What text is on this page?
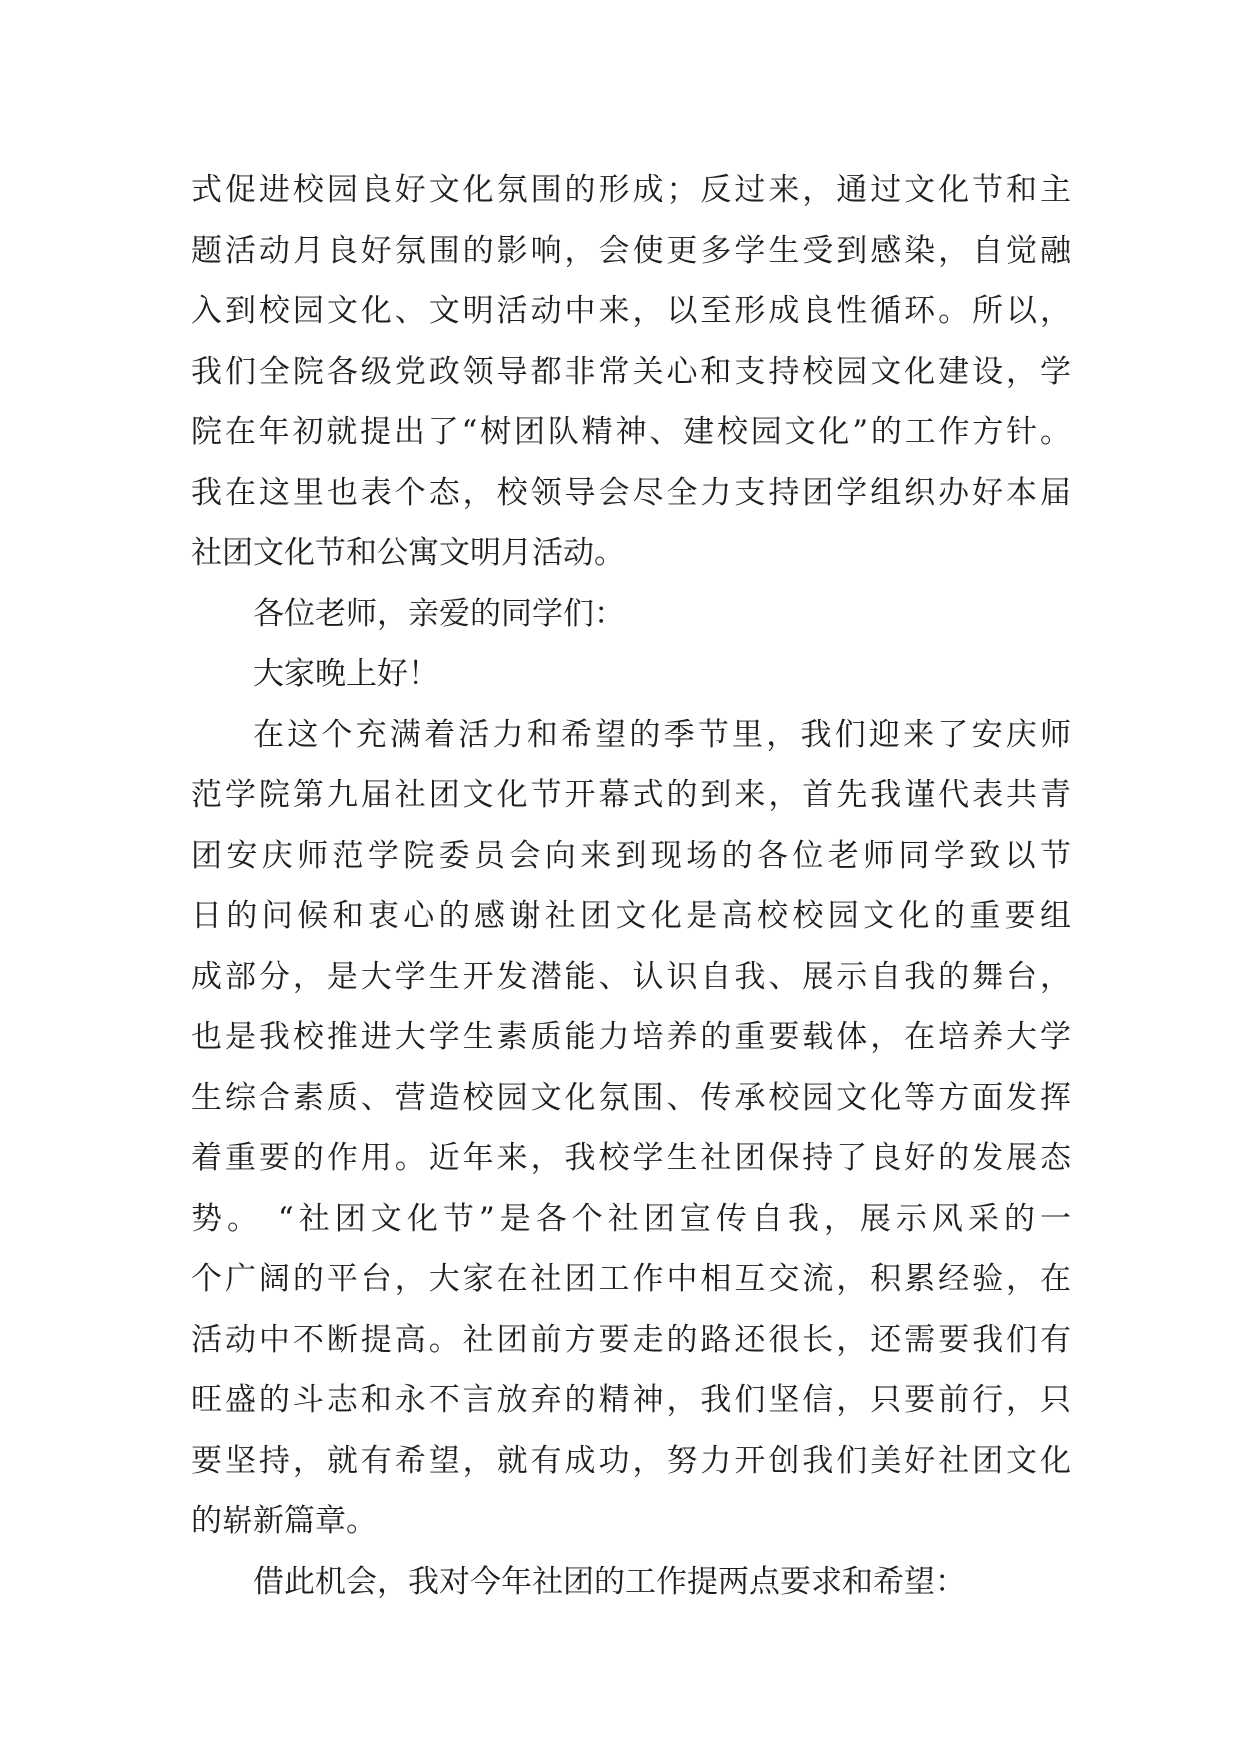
式促进校园良好文化氛围的形成；反过来，通过文化节和主
题活动月良好氛围的影响，会使更多学生受到感染，自觉融
入到校园文化、文明活动中来，以至形成良性循环。所以，
我们全院各级党政领导都非常关心和支持校园文化建设，学
院在年初就提出了“树团队精神、建校园文化”的工作方针。
我在这里也表个态，校领导会尽全力支持团学组织办好本届
社团文化节和公寓文明月活动。
各位老师，亲爱的同学们：
大家晚上好！
在这个充满着活力和希望的季节里，我们迎来了安庆师
范学院第九届社团文化节开幕式的到来，首先我谨代表共青
团安庆师范学院委员会向来到现场的各位老师同学致以节
日的问候和衷心的感谢社团文化是高校校园文化的重要组
成部分，是大学生开发潜能、认识自我、展示自我的舞台，
也是我校推进大学生素质能力培养的重要载体，在培养大学
生综合素质、营造校园文化氛围、传承校园文化等方面发挥
着重要的作用。近年来，我校学生社团保持了良好的发展态
势。 “社团文化节”是各个社团宣传自我，展示风采的一
个广阔的平台，大家在社团工作中相互交流，积累经验，在
活动中不断提高。社团前方要走的路还很长，还需要我们有
旺盛的斗志和永不言放弃的精神，我们坚信，只要前行，只
要坚持，就有希望，就有成功，努力开创我们美好社团文化
的崭新篇章。
借此机会，我对今年社团的工作提两点要求和希望：
